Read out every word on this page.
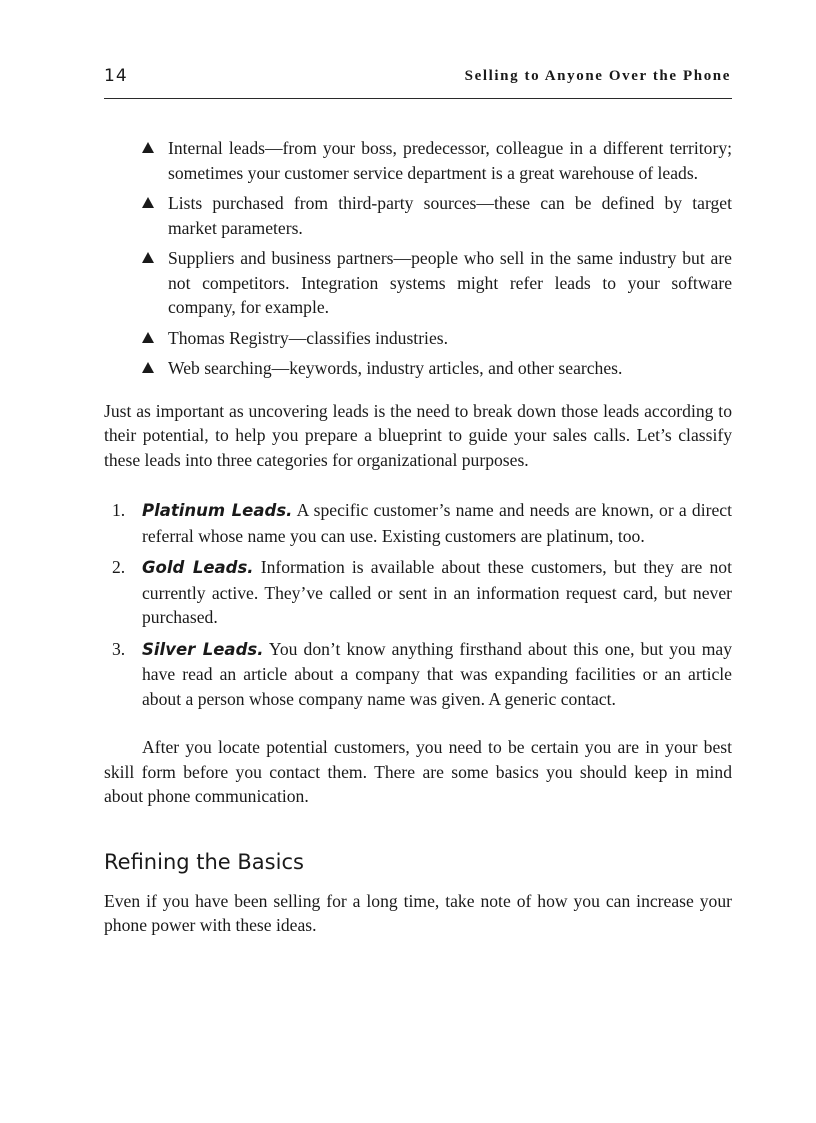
14	Selling to Anyone Over the Phone
Internal leads—from your boss, predecessor, colleague in a different territory; sometimes your customer service department is a great warehouse of leads.
Lists purchased from third-party sources—these can be defined by target market parameters.
Suppliers and business partners—people who sell in the same industry but are not competitors. Integration systems might refer leads to your software company, for example.
Thomas Registry—classifies industries.
Web searching—keywords, industry articles, and other searches.

Just as important as uncovering leads is the need to break down those leads according to their potential, to help you prepare a blueprint to guide your sales calls. Let’s classify these leads into three categories for organizational purposes.

1. Platinum Leads. A specific customer’s name and needs are known, or a direct referral whose name you can use. Existing customers are platinum, too.
2. Gold Leads. Information is available about these customers, but they are not currently active. They’ve called or sent in an information request card, but never purchased.
3. Silver Leads. You don’t know anything firsthand about this one, but you may have read an article about a company that was expanding facilities or an article about a person whose company name was given. A generic contact.

After you locate potential customers, you need to be certain you are in your best skill form before you contact them. There are some basics you should keep in mind about phone communication.

Refining the Basics

Even if you have been selling for a long time, take note of how you can increase your phone power with these ideas.
